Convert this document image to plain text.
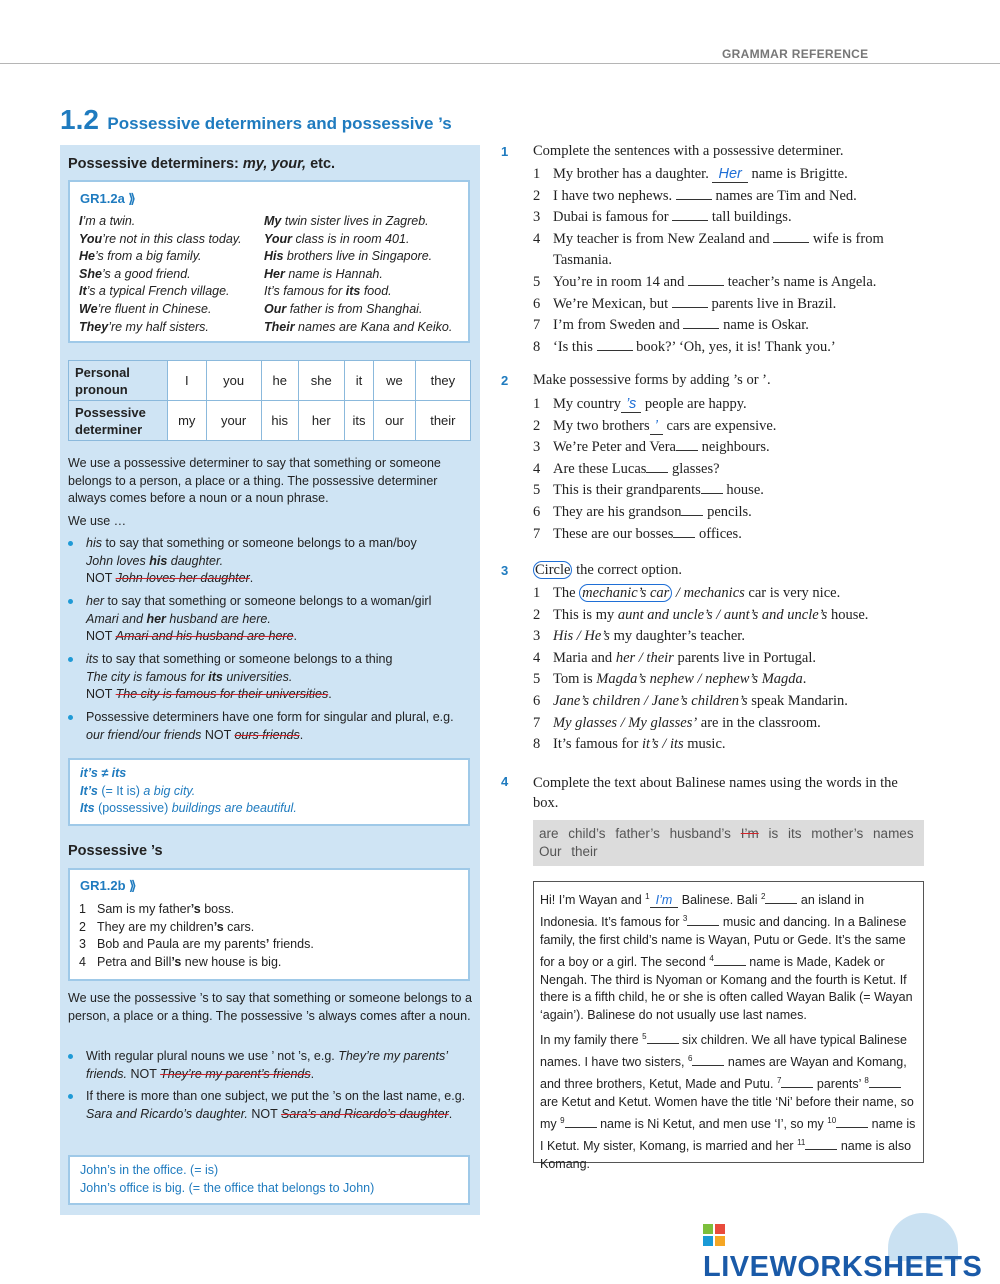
GRAMMAR REFERENCE
1.2 Possessive determiners and possessive ’s
Possessive determiners: my, your, etc.
GR1.2a ⟫
I’m a twin.
You’re not in this class today.
He’s from a big family.
She’s a good friend.
It’s a typical French village.
We’re fluent in Chinese.
They’re my half sisters.
My twin sister lives in Zagreb.
Your class is in room 401.
His brothers live in Singapore.
Her name is Hannah.
It’s famous for its food.
Our father is from Shanghai.
Their names are Kana and Keiko.
Personal pronoun	I	you	he	she	it	we	they
Possessive determiner	my	your	his	her	its	our	their
We use a possessive determiner to say that something or someone belongs to a person, a place or a thing. The possessive determiner always comes before a noun or a noun phrase.
We use …
his to say that something or someone belongs to a man/boy
John loves his daughter.
NOT John loves her daughter.
her to say that something or someone belongs to a woman/girl
Amari and her husband are here.
NOT Amari and his husband are here.
its to say that something or someone belongs to a thing
The city is famous for its universities.
NOT The city is famous for their universities.
Possessive determiners have one form for singular and plural, e.g. our friend/our friends NOT ours friends.
it’s ≠ its
It’s (= It is) a big city.
Its (possessive) buildings are beautiful.
Possessive ’s
GR1.2b ⟫
1 Sam is my father’s boss.
2 They are my children’s cars.
3 Bob and Paula are my parents’ friends.
4 Petra and Bill’s new house is big.
We use the possessive ’s to say that something or someone belongs to a person, a place or a thing. The possessive ’s always comes after a noun.
With regular plural nouns we use ’ not ’s, e.g. They’re my parents’ friends. NOT They’re my parent’s friends.
If there is more than one subject, we put the ’s on the last name, e.g. Sara and Ricardo’s daughter. NOT Sara’s and Ricardo’s daughter.
John’s in the office. (= is)
John’s office is big. (= the office that belongs to John)
1 Complete the sentences with a possessive determiner.
1 My brother has a daughter. Her name is Brigitte.
2 I have two nephews.  names are Tim and Ned.
3 Dubai is famous for  tall buildings.
4 My teacher is from New Zealand and  wife is from Tasmania.
5 You’re in room 14 and  teacher’s name is Angela.
6 We’re Mexican, but  parents live in Brazil.
7 I’m from Sweden and  name is Oskar.
8 ‘Is this  book?’ ‘Oh, yes, it is! Thank you.’
2 Make possessive forms by adding ’s or ’.
1 My country ’s people are happy.
2 My two brothers ’ cars are expensive.
3 We’re Peter and Vera neighbours.
4 Are these Lucas glasses?
5 This is their grandparents house.
6 They are his grandson pencils.
7 These are our bosses offices.
3 Circle the correct option.
1 The mechanic’s car / mechanics car is very nice.
2 This is my aunt and uncle’s / aunt’s and uncle’s house.
3 His / He’s my daughter’s teacher.
4 Maria and her / their parents live in Portugal.
5 Tom is Magda’s nephew / nephew’s Magda.
6 Jane’s children / Jane’s children’s speak Mandarin.
7 My glasses / My glasses’ are in the classroom.
8 It’s famous for it’s / its music.
4 Complete the text about Balinese names using the words in the box.
are child’s father’s husband’s I’m is its mother’s names Our their

Hi! I’m Wayan and $^1$ I’m Balinese. Bali $^2$	an island in Indonesia. It’s famous for $^3$	music and dancing. In a Balinese family, the first child’s name is Wayan, Putu or Gede. It’s the same for a boy or a girl. The second $^4$	name is Made, Kadek or Nengah. The third is Nyoman or Komang and the fourth is Ketut. If there is a fifth child, he or she is often called Wayan Balik (= Wayan ‘again’). Balinese do not usually use last names.

In my family there $^5$	six children. We all have typical Balinese names. I have two sisters, $^6$	names are Wayan and Komang, and three brothers, Ketut, Made and Putu. $^7$	parents’ $^8$ are Ketut and Ketut. Women have the title ‘Ni’ before their name, so my $^9$	name is Ni Ketut, and men use ‘I’, so my $^{10}$	name is I Ketut. My sister, Komang, is married and her $^{11}$	name is also Komang.

LIVEWORKSHEETS
